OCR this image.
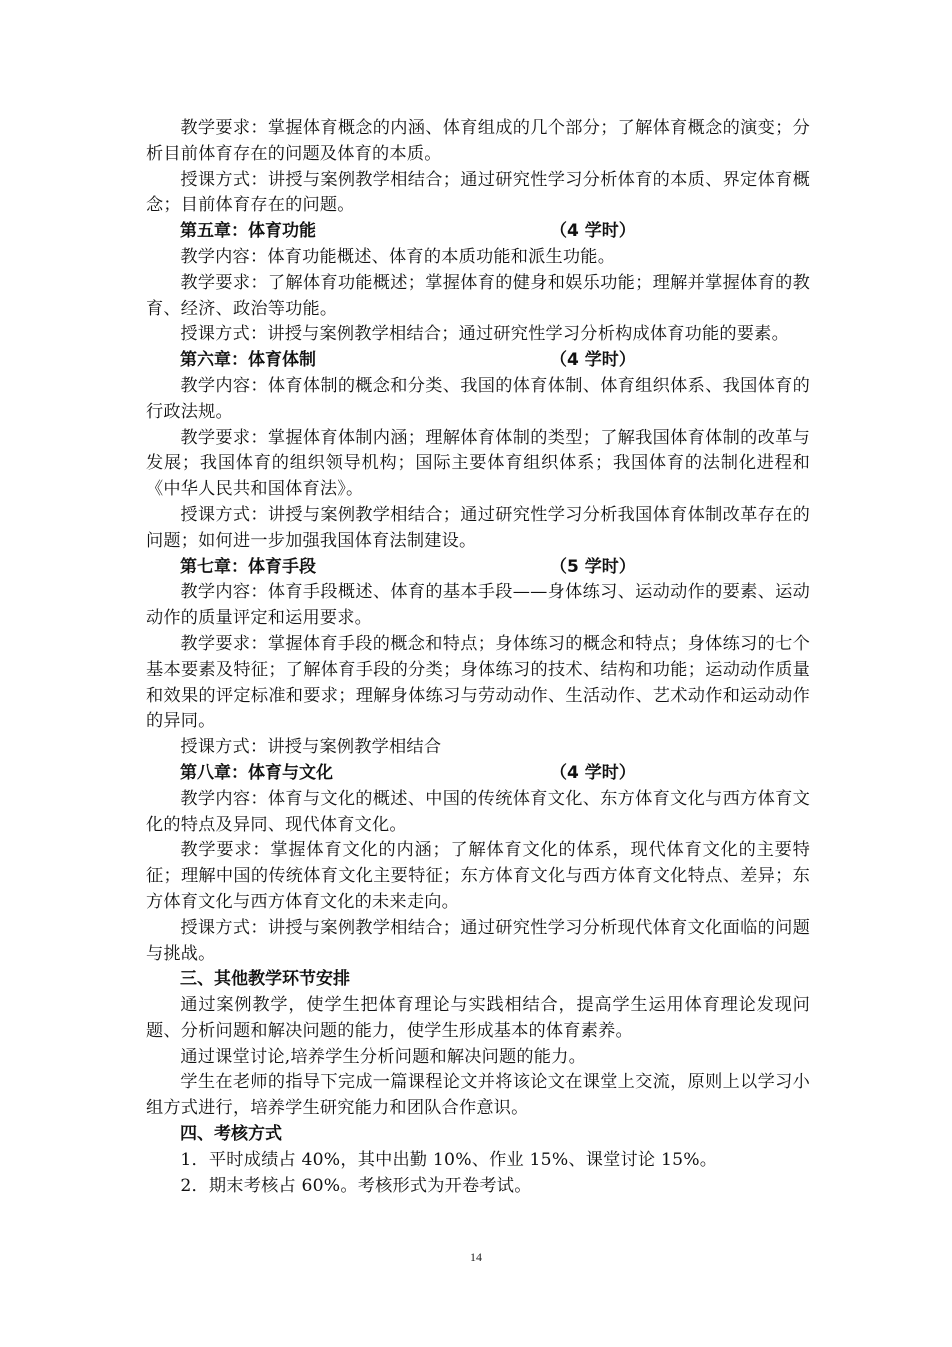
教学要求：掌握体育概念的内涵、体育组成的几个部分；了解体育概念的演变；分析目前体育存在的问题及体育的本质。

授课方式：讲授与案例教学相结合；通过研究性学习分析体育的本质、界定体育概念；目前体育存在的问题。

第五章：体育功能	（4 学时）

教学内容：体育功能概述、体育的本质功能和派生功能。

教学要求：了解体育功能概述；掌握体育的健身和娱乐功能；理解并掌握体育的教育、经济、政治等功能。

授课方式：讲授与案例教学相结合；通过研究性学习分析构成体育功能的要素。

第六章：体育体制	（4 学时）

教学内容：体育体制的概念和分类、我国的体育体制、体育组织体系、我国体育的行政法规。

教学要求：掌握体育体制内涵；理解体育体制的类型；了解我国体育体制的改革与发展；我国体育的组织领导机构；国际主要体育组织体系；我国体育的法制化进程和《中华人民共和国体育法》。

授课方式：讲授与案例教学相结合；通过研究性学习分析我国体育体制改革存在的问题；如何进一步加强我国体育法制建设。

第七章：体育手段	（5 学时）

教学内容：体育手段概述、体育的基本手段——身体练习、运动动作的要素、运动动作的质量评定和运用要求。

教学要求：掌握体育手段的概念和特点；身体练习的概念和特点；身体练习的七个基本要素及特征；了解体育手段的分类；身体练习的技术、结构和功能；运动动作质量和效果的评定标准和要求；理解身体练习与劳动动作、生活动作、艺术动作和运动动作的异同。

授课方式：讲授与案例教学相结合

第八章：体育与文化	（4 学时）

教学内容：体育与文化的概述、中国的传统体育文化、东方体育文化与西方体育文化的特点及异同、现代体育文化。

教学要求：掌握体育文化的内涵；了解体育文化的体系，现代体育文化的主要特征；理解中国的传统体育文化主要特征；东方体育文化与西方体育文化特点、差异；东方体育文化与西方体育文化的未来走向。

授课方式：讲授与案例教学相结合；通过研究性学习分析现代体育文化面临的问题与挑战。

三、其他教学环节安排

通过案例教学，使学生把体育理论与实践相结合，提高学生运用体育理论发现问题、分析问题和解决问题的能力，使学生形成基本的体育素养。

通过课堂讨论,培养学生分析问题和解决问题的能力。

学生在老师的指导下完成一篇课程论文并将该论文在课堂上交流，原则上以学习小组方式进行，培养学生研究能力和团队合作意识。

四、考核方式

1．平时成绩占 40%，其中出勤 10%、作业 15%、课堂讨论 15%。

2．期末考核占 60%。考核形式为开卷考试。

14
